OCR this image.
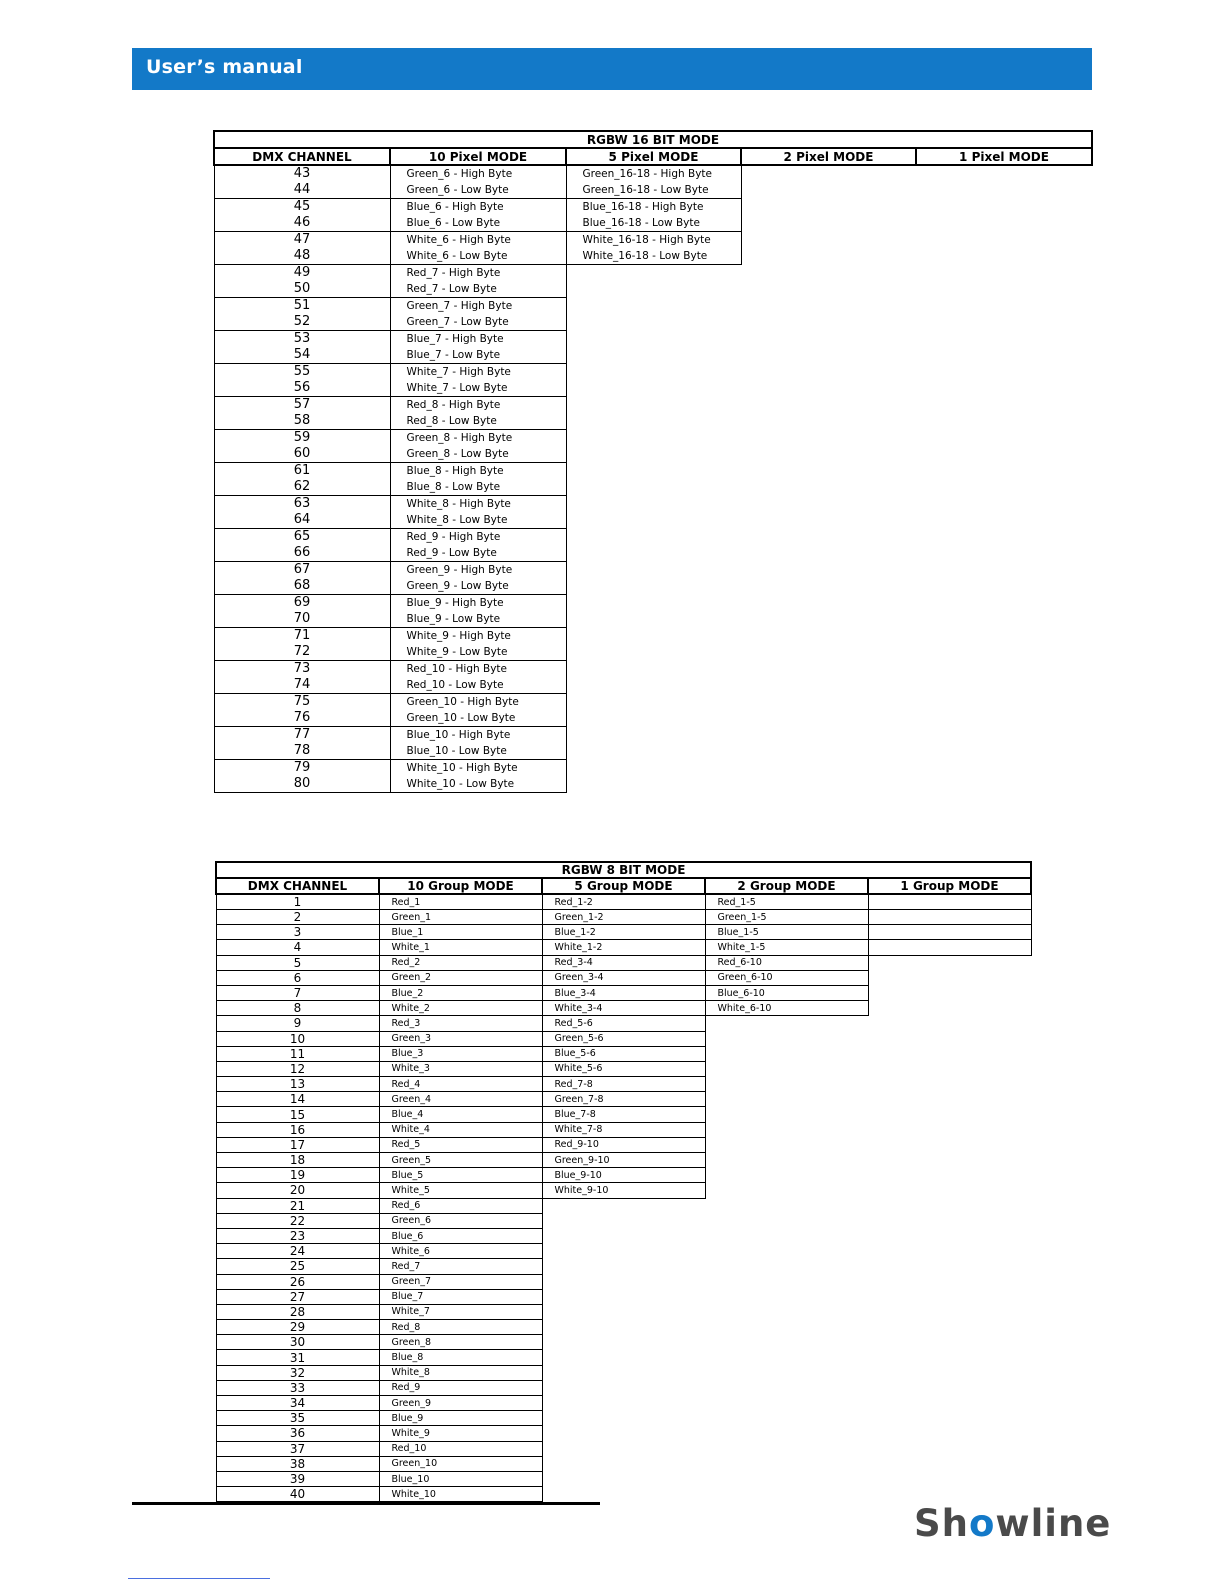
User’s manual
RGBW 16 BIT MODE				
DMX CHANNEL	10 Pixel MODE	5 Pixel MODE	2 Pixel MODE	1 Pixel MODE
43	Green_6 - High Byte	Green_16-18 - High Byte		
44	Green_6 - Low Byte	Green_16-18 - Low Byte		
45	Blue_6 - High Byte	Blue_16-18 - High Byte		
46	Blue_6 - Low Byte	Blue_16-18 - Low Byte		
47	White_6 - High Byte	White_16-18 - High Byte		
48	White_6 - Low Byte	White_16-18 - Low Byte		
49	Red_7 - High Byte			
50	Red_7 - Low Byte			
51	Green_7 - High Byte			
52	Green_7 - Low Byte			
53	Blue_7 - High Byte			
54	Blue_7 - Low Byte			
55	White_7 - High Byte			
56	White_7 - Low Byte			
57	Red_8 - High Byte			
58	Red_8 - Low Byte			
59	Green_8 - High Byte			
60	Green_8 - Low Byte			
61	Blue_8 - High Byte			
62	Blue_8 - Low Byte			
63	White_8 - High Byte			
64	White_8 - Low Byte			
65	Red_9 - High Byte			
66	Red_9 - Low Byte			
67	Green_9 - High Byte			
68	Green_9 - Low Byte			
69	Blue_9 - High Byte			
70	Blue_9 - Low Byte			
71	White_9 - High Byte			
72	White_9 - Low Byte			
73	Red_10 - High Byte			
74	Red_10 - Low Byte			
75	Green_10 - High Byte			
76	Green_10 - Low Byte			
77	Blue_10 - High Byte			
78	Blue_10 - Low Byte			
79	White_10 - High Byte			
80	White_10 - Low Byte			
RGBW 8 BIT MODE				
DMX CHANNEL	10 Group MODE	5 Group MODE	2 Group MODE	1 Group MODE
1	Red_1	Red_1-2	Red_1-5	
2	Green_1	Green_1-2	Green_1-5	
3	Blue_1	Blue_1-2	Blue_1-5	
4	White_1	White_1-2	White_1-5	
5	Red_2	Red_3-4	Red_6-10	
6	Green_2	Green_3-4	Green_6-10	
7	Blue_2	Blue_3-4	Blue_6-10	
8	White_2	White_3-4	White_6-10	
9	Red_3	Red_5-6		
10	Green_3	Green_5-6		
11	Blue_3	Blue_5-6		
12	White_3	White_5-6		
13	Red_4	Red_7-8		
14	Green_4	Green_7-8		
15	Blue_4	Blue_7-8		
16	White_4	White_7-8		
17	Red_5	Red_9-10		
18	Green_5	Green_9-10		
19	Blue_5	Blue_9-10		
20	White_5	White_9-10		
21	Red_6			
22	Green_6			
23	Blue_6			
24	White_6			
25	Red_7			
26	Green_7			
27	Blue_7			
28	White_7			
29	Red_8			
30	Green_8			
31	Blue_8			
32	White_8			
33	Red_9			
34	Green_9			
35	Blue_9			
36	White_9			
37	Red_10			
38	Green_10			
39	Blue_10			
40	White_10			
Showline
